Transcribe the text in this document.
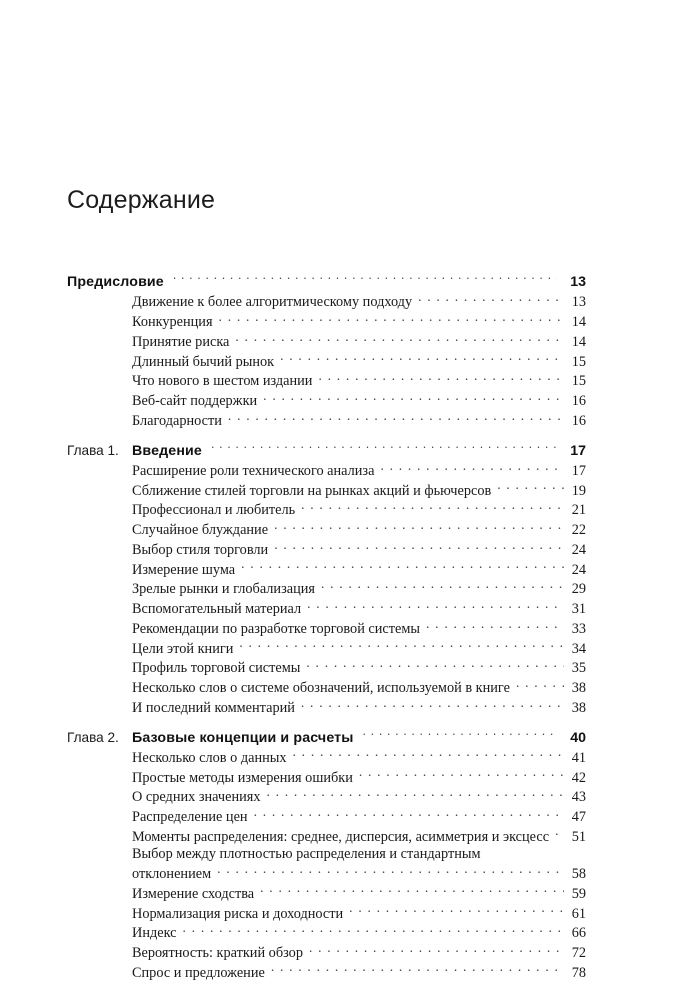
Содержание
Предисловие . . .	13
Движение к более алгоритмическому подходу . . .	13
Конкуренция . . .	14
Принятие риска . . .	14
Длинный бычий рынок . . .	15
Что нового в шестом издании . . .	15
Веб-сайт поддержки . . .	16
Благодарности . . .	16
Глава 1. Введение . . .	17
Расширение роли технического анализа . . .	17
Сближение стилей торговли на рынках акций и фьючерсов . . .	19
Профессионал и любитель . . .	21
Случайное блуждание . . .	22
Выбор стиля торговли . . .	24
Измерение шума . . .	24
Зрелые рынки и глобализация . . .	29
Вспомогательный материал . . .	31
Рекомендации по разработке торговой системы . . .	33
Цели этой книги . . .	34
Профиль торговой системы . . .	35
Несколько слов о системе обозначений, используемой в книге . . .	38
И последний комментарий . . .	38
Глава 2. Базовые концепции и расчеты . . .	40
Несколько слов о данных . . .	41
Простые методы измерения ошибки . . .	42
О средних значениях . . .	43
Распределение цен . . .	47
Моменты распределения: среднее, дисперсия, асимметрия и эксцесс . . .	51
Выбор между плотностью распределения и стандартным
отклонением . . .	58
Измерение сходства . . .	59
Нормализация риска и доходности . . .	61
Индекс . . .	66
Вероятность: краткий обзор . . .	72
Спрос и предложение . . .	78
